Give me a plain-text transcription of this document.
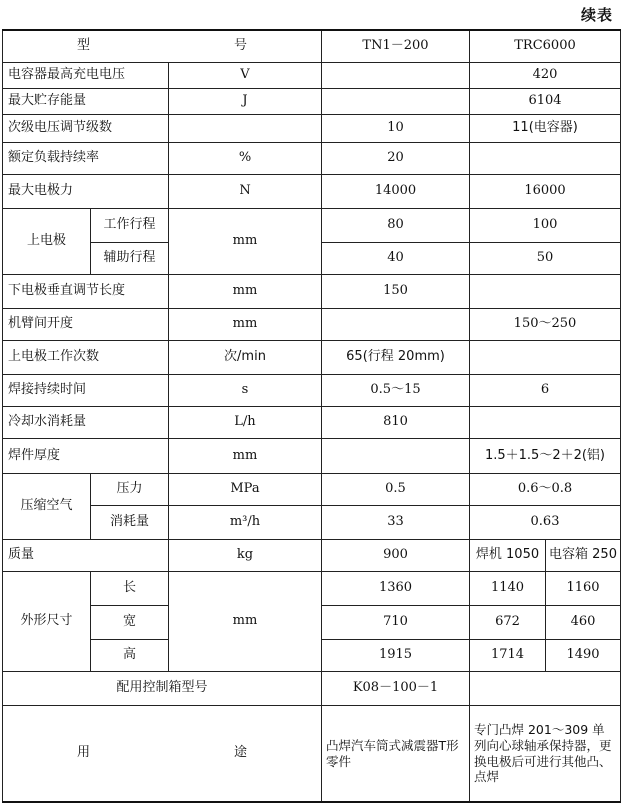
续表
型 号			TN1－200	TRC6000	
电容器最高充电电压		V		420	
最大贮存能量		J		6104	
次级电压调节级数			10	11(电容器)	
额定负载持续率		%	20		
最大电极力		N	14000	16000	
上电极	工作行程	mm	80	100	
	辅助行程		40	50	
下电极垂直调节长度		mm	150		
机臂间开度		mm		150～250	
上电极工作次数		次/min	65(行程 20mm)		
焊接持续时间		s	0.5～15	6	
冷却水消耗量		L/h	810		
焊件厚度		mm		1.5＋1.5～2＋2(铝)	
压缩空气	压力	MPa	0.5	0.6～0.8	
	消耗量	m³/h	33	0.63	
质量		kg	900	焊机 1050	电容箱 250
外形尺寸	长	mm	1360	1140	1160
	宽		710	672	460
	高		1915	1714	1490
配用控制箱型号			K08－100－1		

用 途			凸焊汽车筒式减震器T形零件	专门凸焊 201～309 单列向心球轴承保持器，更换电极后可进行其他凸、点焊	
